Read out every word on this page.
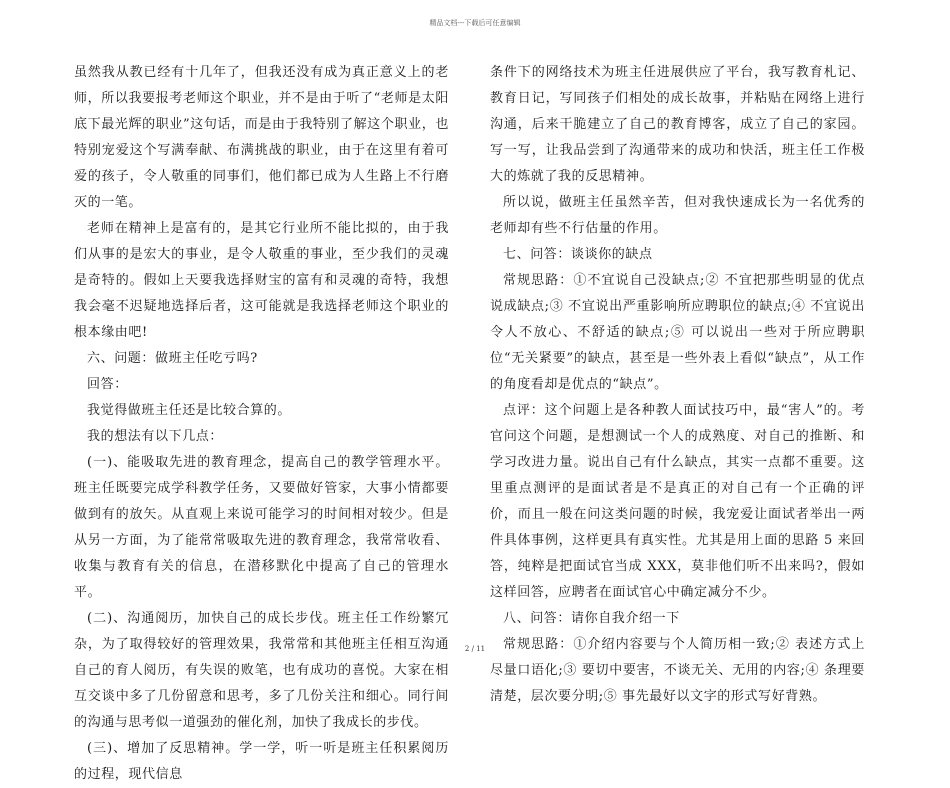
精品文档---下载后可任意编辑

虽然我从教已经有十几年了，但我还没有成为真正意义上的老师，所以我要报考老师这个职业，并不是由于听了“老师是太阳底下最光辉的职业”这句话，而是由于我特别了解这个职业，也特别宠爱这个写满奉献、布满挑战的职业，由于在这里有着可爱的孩子，令人敬重的同事们，他们都已成为人生路上不行磨灭的一笔。

老师在精神上是富有的，是其它行业所不能比拟的，由于我们从事的是宏大的事业，是令人敬重的事业，至少我们的灵魂是奇特的。假如上天要我选择财宝的富有和灵魂的奇特，我想我会毫不迟疑地选择后者，这可能就是我选择老师这个职业的根本缘由吧!

六、问题：做班主任吃亏吗?

回答：

我觉得做班主任还是比较合算的。

我的想法有以下几点：

(一)、能吸取先进的教育理念，提高自己的教学管理水平。班主任既要完成学科教学任务，又要做好管家，大事小情都要做到有的放矢。从直观上来说可能学习的时间相对较少。但是从另一方面，为了能常常吸取先进的教育理念，我常常收看、收集与教育有关的信息，在潜移默化中提高了自己的管理水平。

(二)、沟通阅历，加快自己的成长步伐。班主任工作纷繁冗杂，为了取得较好的管理效果，我常常和其他班主任相互沟通自己的育人阅历，有失误的败笔，也有成功的喜悦。大家在相互交谈中多了几份留意和思考，多了几份关注和细心。同行间的沟通与思考似一道强劲的催化剂，加快了我成长的步伐。

(三)、增加了反思精神。学一学，听一听是班主任积累阅历的过程，现代信息

条件下的网络技术为班主任进展供应了平台，我写教育札记、教育日记，写同孩子们相处的成长故事，并粘贴在网络上进行沟通，后来干脆建立了自己的教育博客，成立了自己的家园。写一写，让我品尝到了沟通带来的成功和快活，班主任工作极大的炼就了我的反思精神。

所以说，做班主任虽然辛苦，但对我快速成长为一名优秀的老师却有些不行估量的作用。

七、问答：谈谈你的缺点

常规思路：①不宜说自己没缺点;② 不宜把那些明显的优点说成缺点;③ 不宜说出严重影响所应聘职位的缺点;④ 不宜说出令人不放心、不舒适的缺点;⑤ 可以说出一些对于所应聘职位“无关紧要”的缺点，甚至是一些外表上看似“缺点”，从工作的角度看却是优点的“缺点”。

点评：这个问题上是各种教人面试技巧中，最“害人”的。考官问这个问题，是想测试一个人的成熟度、对自己的推断、和学习改进力量。说出自己有什么缺点，其实一点都不重要。这里重点测评的是面试者是不是真正的对自己有一个正确的评价，而且一般在问这类问题的时候，我宠爱让面试者举出一两件具体事例，这样更具有真实性。尤其是用上面的思路 5 来回答，纯粹是把面试官当成 XXX，莫非他们听不出来吗?，假如这样回答，应聘者在面试官心中确定减分不少。

八、问答：请你自我介绍一下

常规思路：①介绍内容要与个人简历相一致;② 表述方式上尽量口语化;③ 要切中要害，不谈无关、无用的内容;④ 条理要清楚，层次要分明;⑤ 事先最好以文字的形式写好背熟。

2 / 11
